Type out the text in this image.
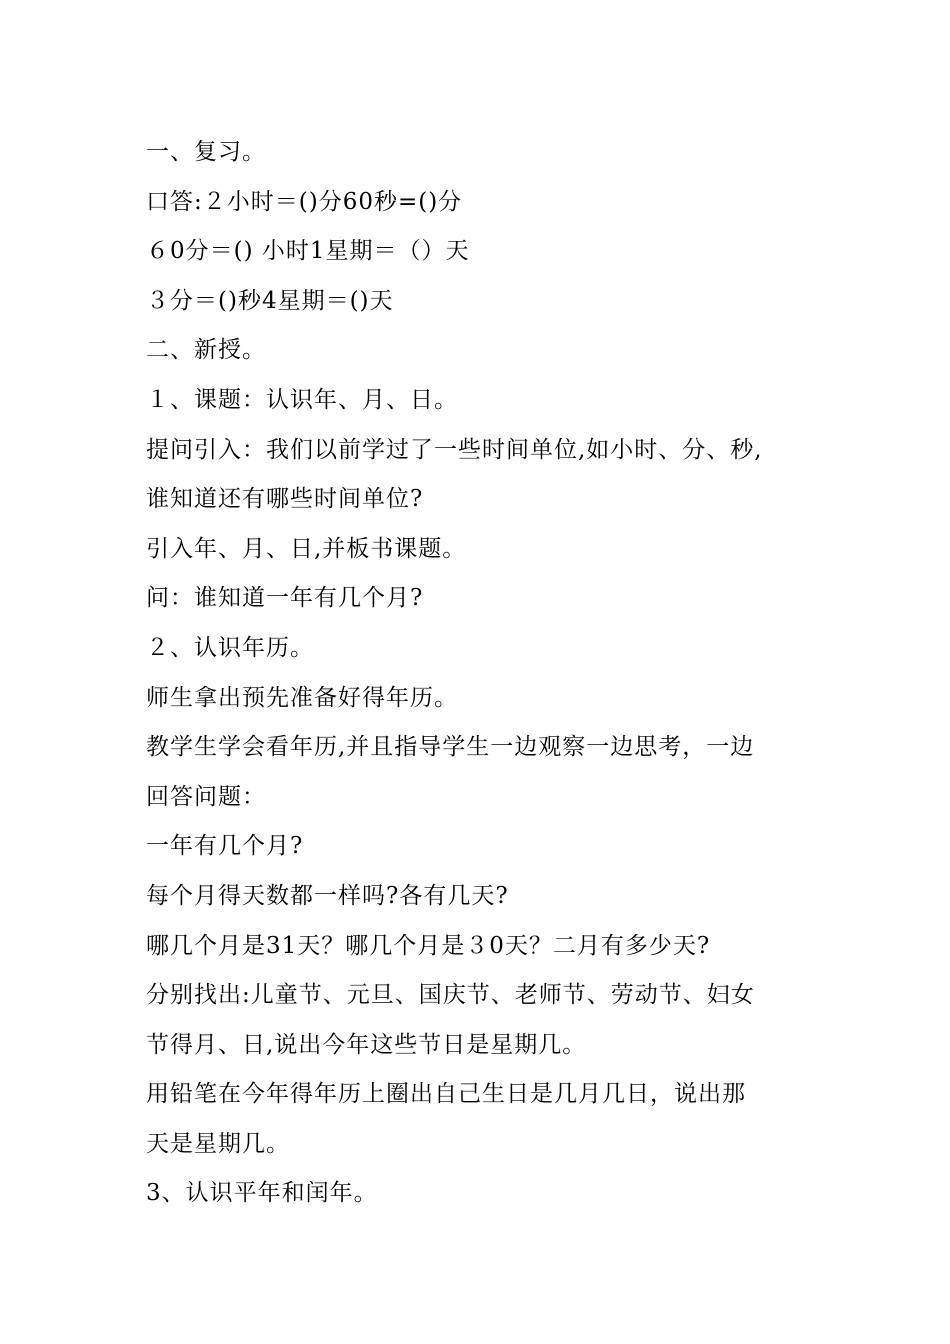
一、复习。
口答:２小时＝()分60秒=()分
６0分＝() 小时1星期＝（）天
３分＝()秒4星期＝()天
二、新授。
１、课题：认识年、月、日。
提问引入：我们以前学过了一些时间单位,如小时、分、秒,
谁知道还有哪些时间单位?
引入年、月、日,并板书课题。
问：谁知道一年有几个月?
２、认识年历。
师生拿出预先准备好得年历。
教学生学会看年历,并且指导学生一边观察一边思考，一边
回答问题：
一年有几个月?
每个月得天数都一样吗?各有几天?
哪几个月是31天？哪几个月是３0天？二月有多少天?
分别找出:儿童节、元旦、国庆节、老师节、劳动节、妇女
节得月、日,说出今年这些节日是星期几。
用铅笔在今年得年历上圈出自己生日是几月几日，说出那
天是星期几。
3、认识平年和闰年。
